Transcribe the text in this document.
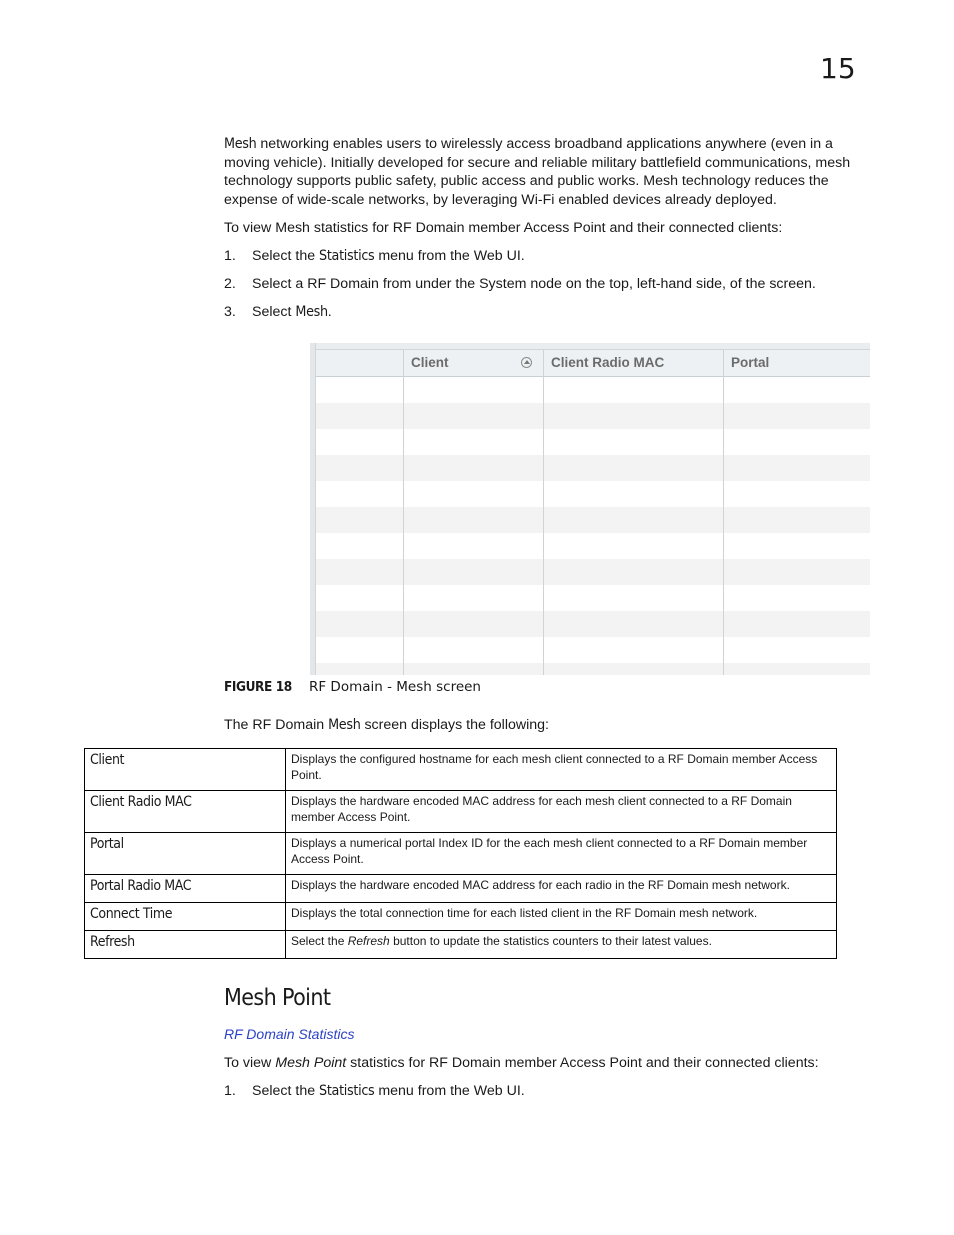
15
Mesh networking enables users to wirelessly access broadband applications anywhere (even in a moving vehicle). Initially developed for secure and reliable military battlefield communications, mesh technology supports public safety, public access and public works. Mesh technology reduces the expense of wide-scale networks, by leveraging Wi-Fi enabled devices already deployed.
To view Mesh statistics for RF Domain member Access Point and their connected clients:
1. Select the Statistics menu from the Web UI.
2. Select a RF Domain from under the System node on the top, left-hand side, of the screen.
3. Select Mesh.
Client	Client Radio MAC	Portal
FIGURE 18 RF Domain - Mesh screen
The RF Domain Mesh screen displays the following:
Client	Displays the configured hostname for each mesh client connected to a RF Domain member Access Point.
Client Radio MAC	Displays the hardware encoded MAC address for each mesh client connected to a RF Domain member Access Point.
Portal	Displays a numerical portal Index ID for the each mesh client connected to a RF Domain member Access Point.
Portal Radio MAC	Displays the hardware encoded MAC address for each radio in the RF Domain mesh network.
Connect Time	Displays the total connection time for each listed client in the RF Domain mesh network.
Refresh	Select the Refresh button to update the statistics counters to their latest values.
Mesh Point
RF Domain Statistics
To view Mesh Point statistics for RF Domain member Access Point and their connected clients:
1. Select the Statistics menu from the Web UI.
